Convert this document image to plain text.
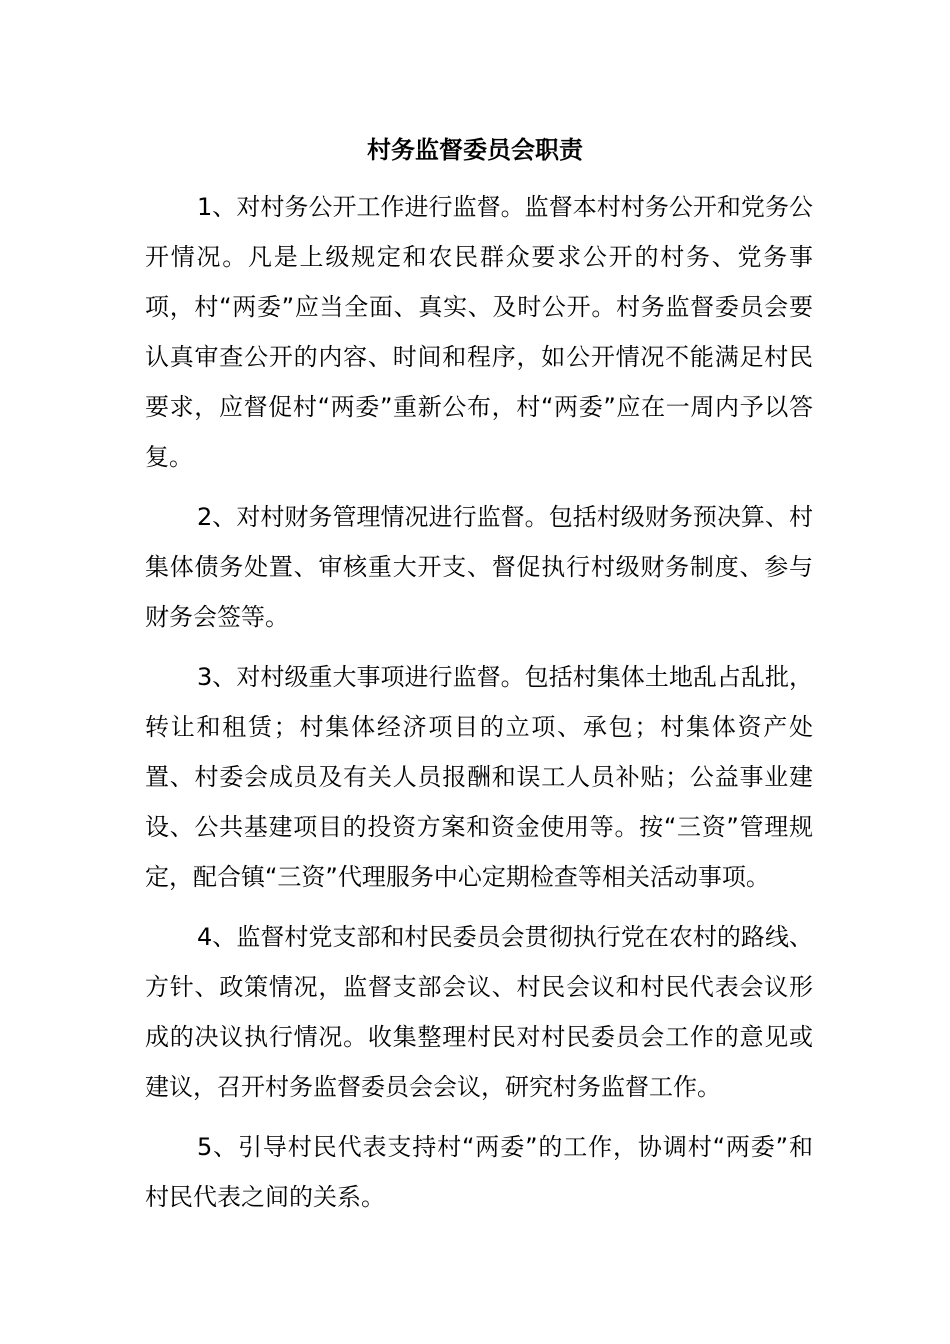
村务监督委员会职责

1、对村务公开工作进行监督。监督本村村务公开和党务公开情况。凡是上级规定和农民群众要求公开的村务、党务事项，村“两委”应当全面、真实、及时公开。村务监督委员会要认真审查公开的内容、时间和程序，如公开情况不能满足村民要求，应督促村“两委”重新公布，村“两委”应在一周内予以答复。

2、对村财务管理情况进行监督。包括村级财务预决算、村集体债务处置、审核重大开支、督促执行村级财务制度、参与财务会签等。

3、对村级重大事项进行监督。包括村集体土地乱占乱批，转让和租赁；村集体经济项目的立项、承包；村集体资产处置、村委会成员及有关人员报酬和误工人员补贴；公益事业建设、公共基建项目的投资方案和资金使用等。按“三资”管理规定，配合镇“三资”代理服务中心定期检查等相关活动事项。

4、监督村党支部和村民委员会贯彻执行党在农村的路线、方针、政策情况，监督支部会议、村民会议和村民代表会议形成的决议执行情况。收集整理村民对村民委员会工作的意见或建议，召开村务监督委员会会议，研究村务监督工作。

5、引导村民代表支持村“两委”的工作，协调村“两委”和村民代表之间的关系。
